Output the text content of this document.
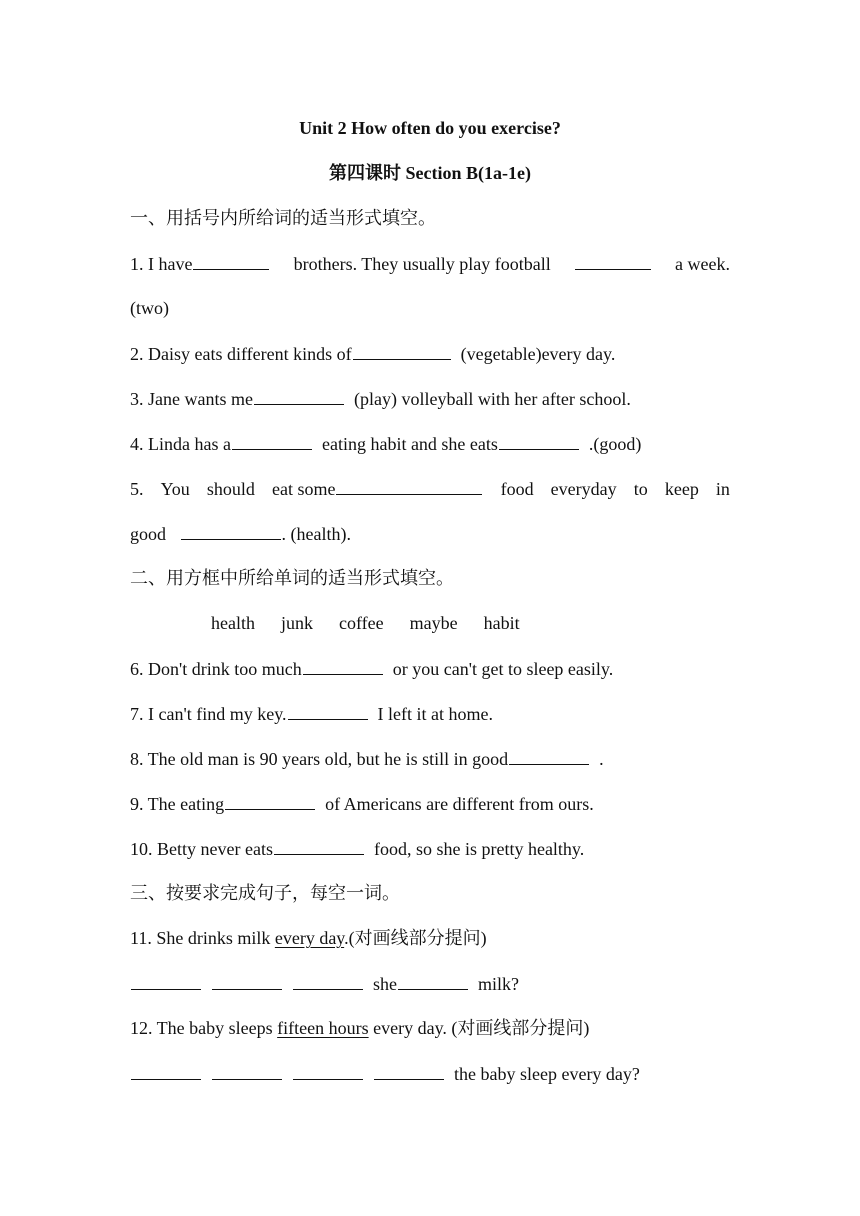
Unit 2 How often do you exercise?
第四课时 Section B(1a-1e)
一、用括号内所给词的适当形式填空。
1. I have	brothers. They usually play football	a week.
(two)
2. Daisy eats different kinds of	(vegetable)every day.
3. Jane wants me	(play) volleyball with her after school.
4. Linda has a	eating habit and she eats	.(good)
5. You should eat some	food everyday to keep in
good	. (health).
二、用方框中所给单词的适当形式填空。
health junk coffee maybe habit
6. Don't drink too much	or you can't get to sleep easily.
7. I can't find my key.	I left it at home.
8. The old man is 90 years old, but he is still in good	.
9. The eating	of Americans are different from ours.
10. Betty never eats	food, so she is pretty healthy.
三、按要求完成句子，每空一词。
11. She drinks milk every day.(对画线部分提问)
she	milk?
12. The baby sleeps fifteen hours every day. (对画线部分提问)
the baby sleep every day?
